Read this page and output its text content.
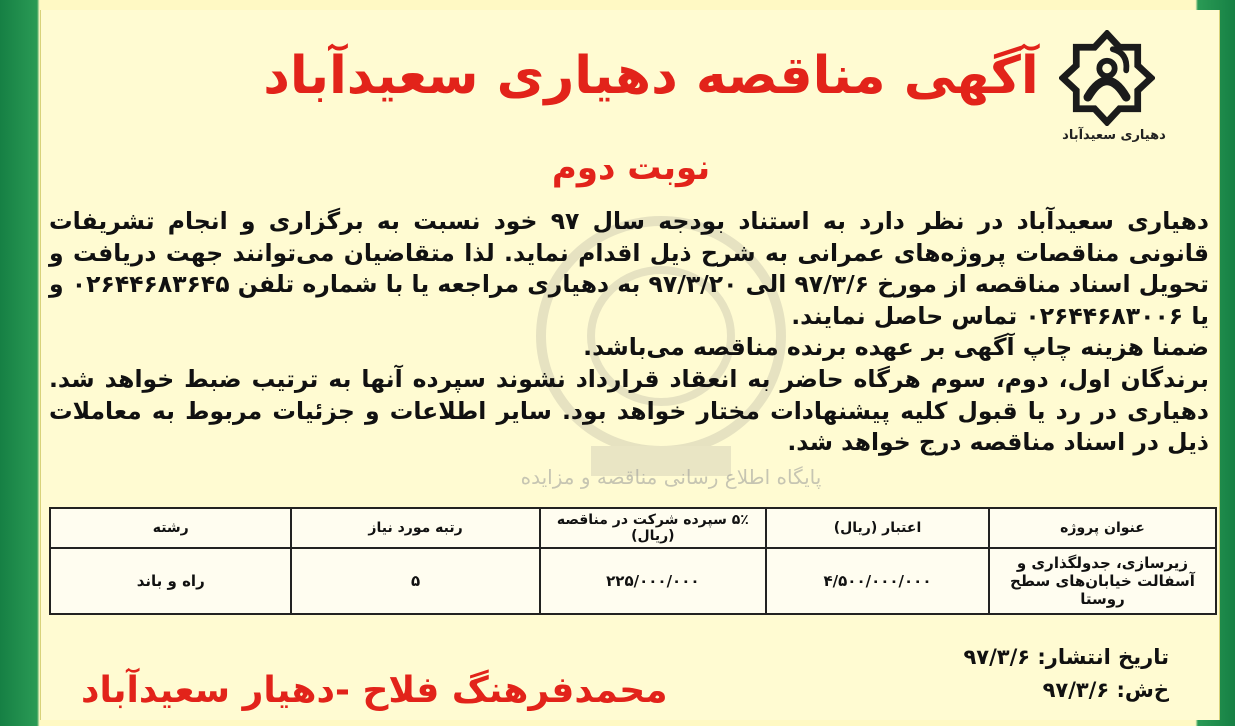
دهیاری سعیدآباد
آگهی مناقصه دهیاری سعیدآباد
نوبت دوم
پایگاه اطلاع رسانی مناقصه و مزایده

دهیاری سعیدآباد در نظر دارد به استناد بودجه سال ۹۷ خود نسبت به برگزاری و انجام تشریفات قانونی مناقصات پروژه‌های عمرانی به شرح ذیل اقدام نماید. لذا متقاضیان می‌توانند جهت دریافت و تحویل اسناد مناقصه از مورخ ۹۷/۳/۶ الی ۹۷/۳/۲۰ به دهیاری مراجعه یا با شماره تلفن ۰۲۶۴۴۶۸۳۶۴۵ و یا ۰۲۶۴۴۶۸۳۰۰۶ تماس حاصل نمایند.

ضمنا هزینه چاپ آگهی بر عهده برنده مناقصه می‌باشد.

برندگان اول، دوم، سوم هرگاه حاضر به انعقاد قرارداد نشوند سپرده آنها به ترتیب ضبط خواهد شد. دهیاری در رد یا قبول کلیه پیشنهادات مختار خواهد بود. سایر اطلاعات و جزئیات مربوط به معاملات ذیل در اسناد مناقصه درج خواهد شد.

عنوان پروژه	اعتبار (ریال)	۵٪ سپرده شرکت در مناقصه (ریال)	رتبه مورد نیاز	رشته
زیرسازی، جدولگذاری و آسفالت خیابان‌های سطح روستا	۴/۵۰۰/۰۰۰/۰۰۰	۲۲۵/۰۰۰/۰۰۰	۵	راه و باند
تاریخ انتشار: ۹۷/۳/۶
خ‌ش: ۹۷/۳/۶
محمدفرهنگ فلاح -دهیار سعیدآباد
